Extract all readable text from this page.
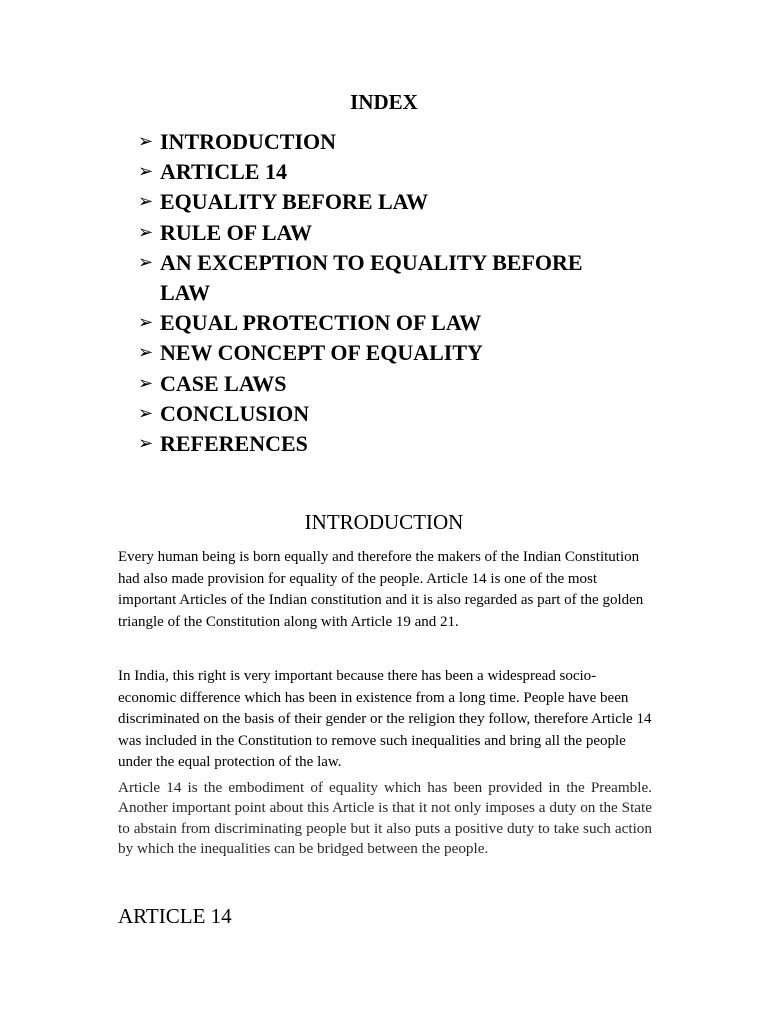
INDEX
➢ INTRODUCTION
➢ ARTICLE 14
➢ EQUALITY BEFORE LAW
➢ RULE OF LAW
➢ AN EXCEPTION TO EQUALITY BEFORE LAW
➢ EQUAL PROTECTION OF LAW
➢ NEW CONCEPT OF EQUALITY
➢ CASE LAWS
➢ CONCLUSION
➢ REFERENCES
INTRODUCTION

Every human being is born equally and therefore the makers of the Indian Constitution had also made provision for equality of the people. Article 14 is one of the most important Articles of the Indian constitution and it is also regarded as part of the golden triangle of the Constitution along with Article 19 and 21.

In India, this right is very important because there has been a widespread socio-economic difference which has been in existence from a long time. People have been discriminated on the basis of their gender or the religion they follow, therefore Article 14 was included in the Constitution to remove such inequalities and bring all the people under the equal protection of the law.

Article 14 is the embodiment of equality which has been provided in the Preamble. Another important point about this Article is that it not only imposes a duty on the State to abstain from discriminating people but it also puts a positive duty to take such action by which the inequalities can be bridged between the people.

ARTICLE 14
